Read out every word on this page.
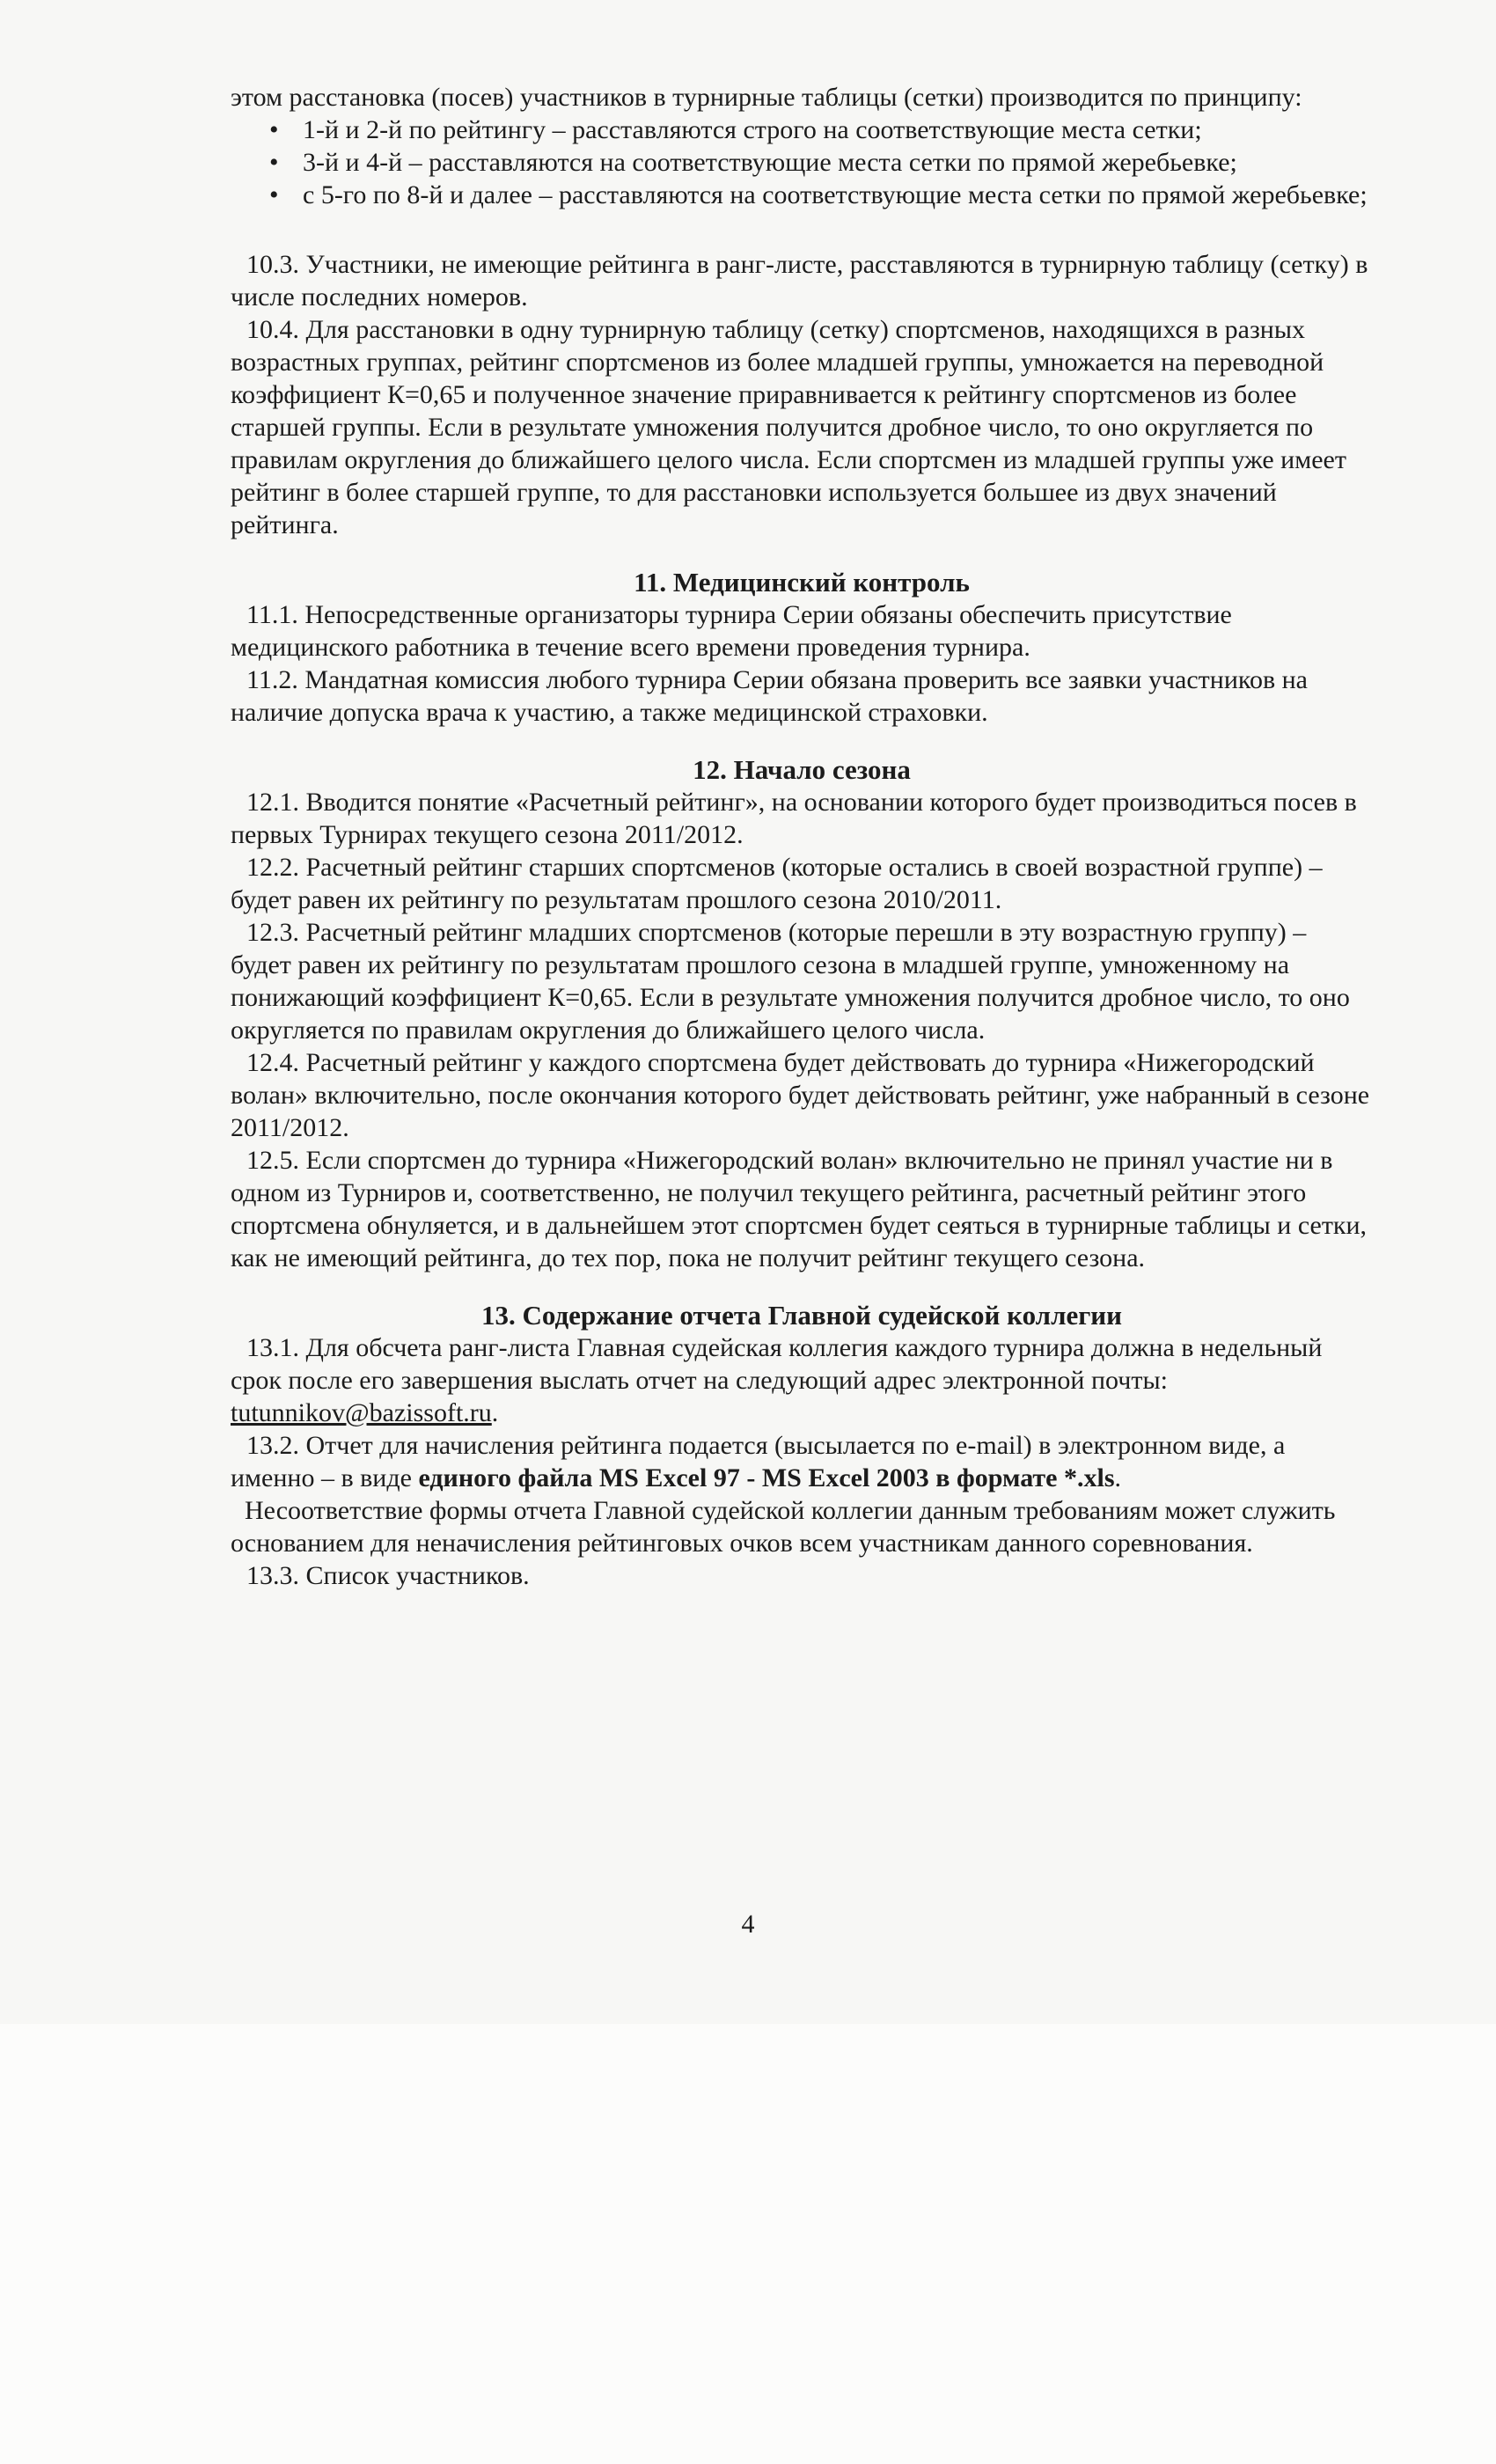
этом расстановка (посев) участников в турнирные таблицы (сетки) производится по принципу:

• 1-й и 2-й по рейтингу – расставляются строго на соответствующие места сетки;
• 3-й и 4-й – расставляются на соответствующие места сетки по прямой жеребьевке;
• с 5-го по 8-й и далее – расставляются на соответствующие места сетки по прямой жеребьевке;

10.3. Участники, не имеющие рейтинга в ранг-листе, расставляются в турнирную таблицу (сетку) в числе последних номеров.

10.4. Для расстановки в одну турнирную таблицу (сетку) спортсменов, находящихся в разных возрастных группах, рейтинг спортсменов из более младшей группы, умножается на переводной коэффициент К=0,65 и полученное значение приравнивается к рейтингу спортсменов из более старшей группы. Если в результате умножения получится дробное число, то оно округляется по правилам округления до ближайшего целого числа. Если спортсмен из младшей группы уже имеет рейтинг в более старшей группе, то для расстановки используется большее из двух значений рейтинга.

11. Медицинский контроль

11.1. Непосредственные организаторы турнира Серии обязаны обеспечить присутствие медицинского работника в течение всего времени проведения турнира.

11.2. Мандатная комиссия любого турнира Серии обязана проверить все заявки участников на наличие допуска врача к участию, а также медицинской страховки.

12. Начало сезона

12.1. Вводится понятие «Расчетный рейтинг», на основании которого будет производиться посев в первых Турнирах текущего сезона 2011/2012.

12.2. Расчетный рейтинг старших спортсменов (которые остались в своей возрастной группе) – будет равен их рейтингу по результатам прошлого сезона 2010/2011.

12.3. Расчетный рейтинг младших спортсменов (которые перешли в эту возрастную группу) – будет равен их рейтингу по результатам прошлого сезона в младшей группе, умноженному на понижающий коэффициент К=0,65. Если в результате умножения получится дробное число, то оно округляется по правилам округления до ближайшего целого числа.

12.4. Расчетный рейтинг у каждого спортсмена будет действовать до турнира «Нижегородский волан» включительно, после окончания которого будет действовать рейтинг, уже набранный в сезоне 2011/2012.

12.5. Если спортсмен до турнира «Нижегородский волан» включительно не принял участие ни в одном из Турниров и, соответственно, не получил текущего рейтинга, расчетный рейтинг этого спортсмена обнуляется, и в дальнейшем этот спортсмен будет сеяться в турнирные таблицы и сетки, как не имеющий рейтинга, до тех пор, пока не получит рейтинг текущего сезона.

13. Содержание отчета Главной судейской коллегии

13.1. Для обсчета ранг-листа Главная судейская коллегия каждого турнира должна в недельный срок после его завершения выслать отчет на следующий адрес электронной почты: tutunnikov@bazissoft.ru.

13.2. Отчет для начисления рейтинга подается (высылается по e-mail) в электронном виде, а именно – в виде единого файла MS Excel 97 - MS Excel 2003 в формате *.xls.

Несоответствие формы отчета Главной судейской коллегии данным требованиям может служить основанием для неначисления рейтинговых очков всем участникам данного соревнования.

13.3. Список участников.

4
